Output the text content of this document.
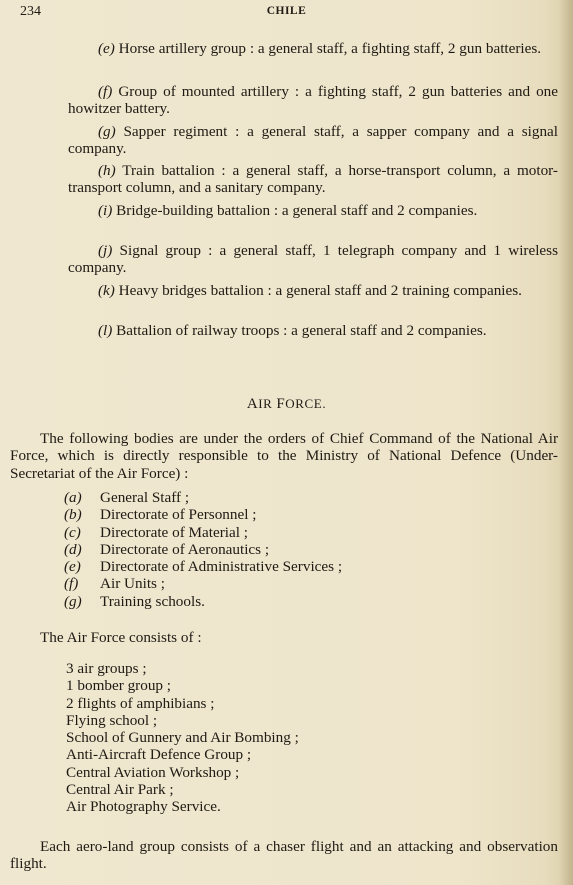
234	CHILE

(e) Horse artillery group : a general staff, a fighting staff, 2 gun batteries.

(f) Group of mounted artillery : a fighting staff, 2 gun batteries and one howitzer battery.

(g) Sapper regiment : a general staff, a sapper company and a signal company.

(h) Train battalion : a general staff, a horse-transport column, a motor-transport column, and a sanitary company.

(i) Bridge-building battalion : a general staff and 2 companies.

(j) Signal group : a general staff, 1 telegraph company and 1 wireless company.

(k) Heavy bridges battalion : a general staff and 2 training companies.

(l) Battalion of railway troops : a general staff and 2 companies.

AIR FORCE.

The following bodies are under the orders of Chief Command of the National Air Force, which is directly responsible to the Ministry of National Defence (Under-Secretariat of the Air Force) :

(a) General Staff ;
(b) Directorate of Personnel ;
(c) Directorate of Material ;
(d) Directorate of Aeronautics ;
(e) Directorate of Administrative Services ;
(f) Air Units ;
(g) Training schools.
The Air Force consists of :
3 air groups ;
1 bomber group ;
2 flights of amphibians ;
Flying school ;
School of Gunnery and Air Bombing ;
Anti-Aircraft Defence Group ;
Central Aviation Workshop ;
Central Air Park ;
Air Photography Service.

Each aero-land group consists of a chaser flight and an attacking and observation flight.
